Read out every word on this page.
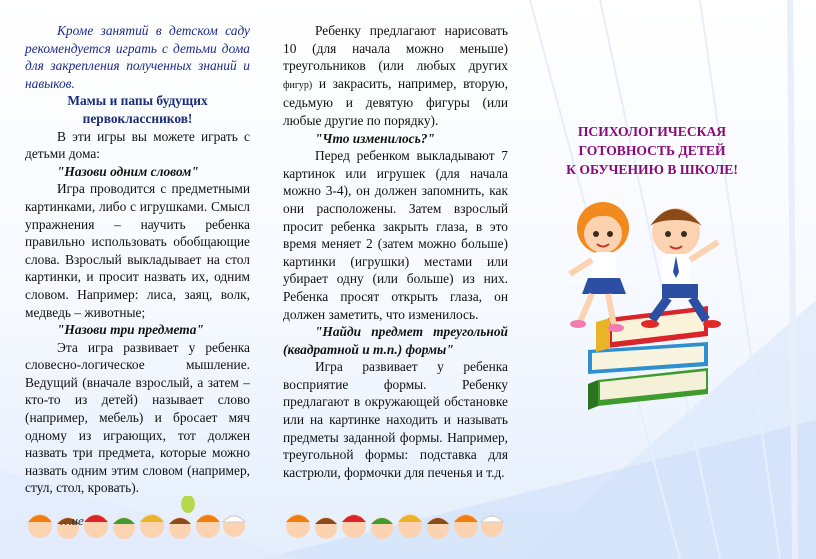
Кроме занятий в детском саду рекомендуется играть с детьми дома для закрепления полученных знаний и навыков.

Мамы и папы будущих первоклассников!

В эти игры вы можете играть с детьми дома:

"Назови одним словом"

Игра проводится с предметными картинками, либо с игрушками. Смысл упражнения – научить ребенка правильно использовать обобщающие слова. Взрослый выкладывает на стол картинки, и просит назвать их, одним словом. Например: лиса, заяц, волк, медведь – животные;

"Назови три предмета"

Эта игра развивает у ребенка словесно-логическое мышление. Ведущий (вначале взрослый, а затем – кто-то из детей) называет слово (например, мебель) и бросает мяч одному из играющих, тот должен назвать три предмета, которые можно назвать одним этим словом (например, стул, стол, кровать).

Ребенку предлагают нарисовать 10 (для начала можно меньше) треугольников (или любых других фигур) и закрасить, например, вторую, седьмую и девятую фигуры (или любые другие по порядку).

"Что изменилось?"

Перед ребенком выкладывают 7 картинок или игрушек (для начала можно 3-4), он должен запомнить, как они расположены. Затем взрослый просит ребенка закрыть глаза, в это время меняет 2 (затем можно больше) картинки (игрушки) местами или убирает одну (или больше) из них. Ребенка просят открыть глаза, он должен заметить, что изменилось.

"Найди предмет треугольной (квадратной и т.п.) формы"

Игра развивает у ребенка восприятие формы. Ребенку предлагают в окружающей обстановке или на картинке находить и называть предметы заданной формы. Например, треугольной формы: подставка для кастрюли, формочки для печенья и т.д.

ПСИХОЛОГИЧЕСКАЯ
ГОТОВНОСТЬ ДЕТЕЙ
К ОБУЧЕНИЮ В ШКОЛЕ!
…ие
